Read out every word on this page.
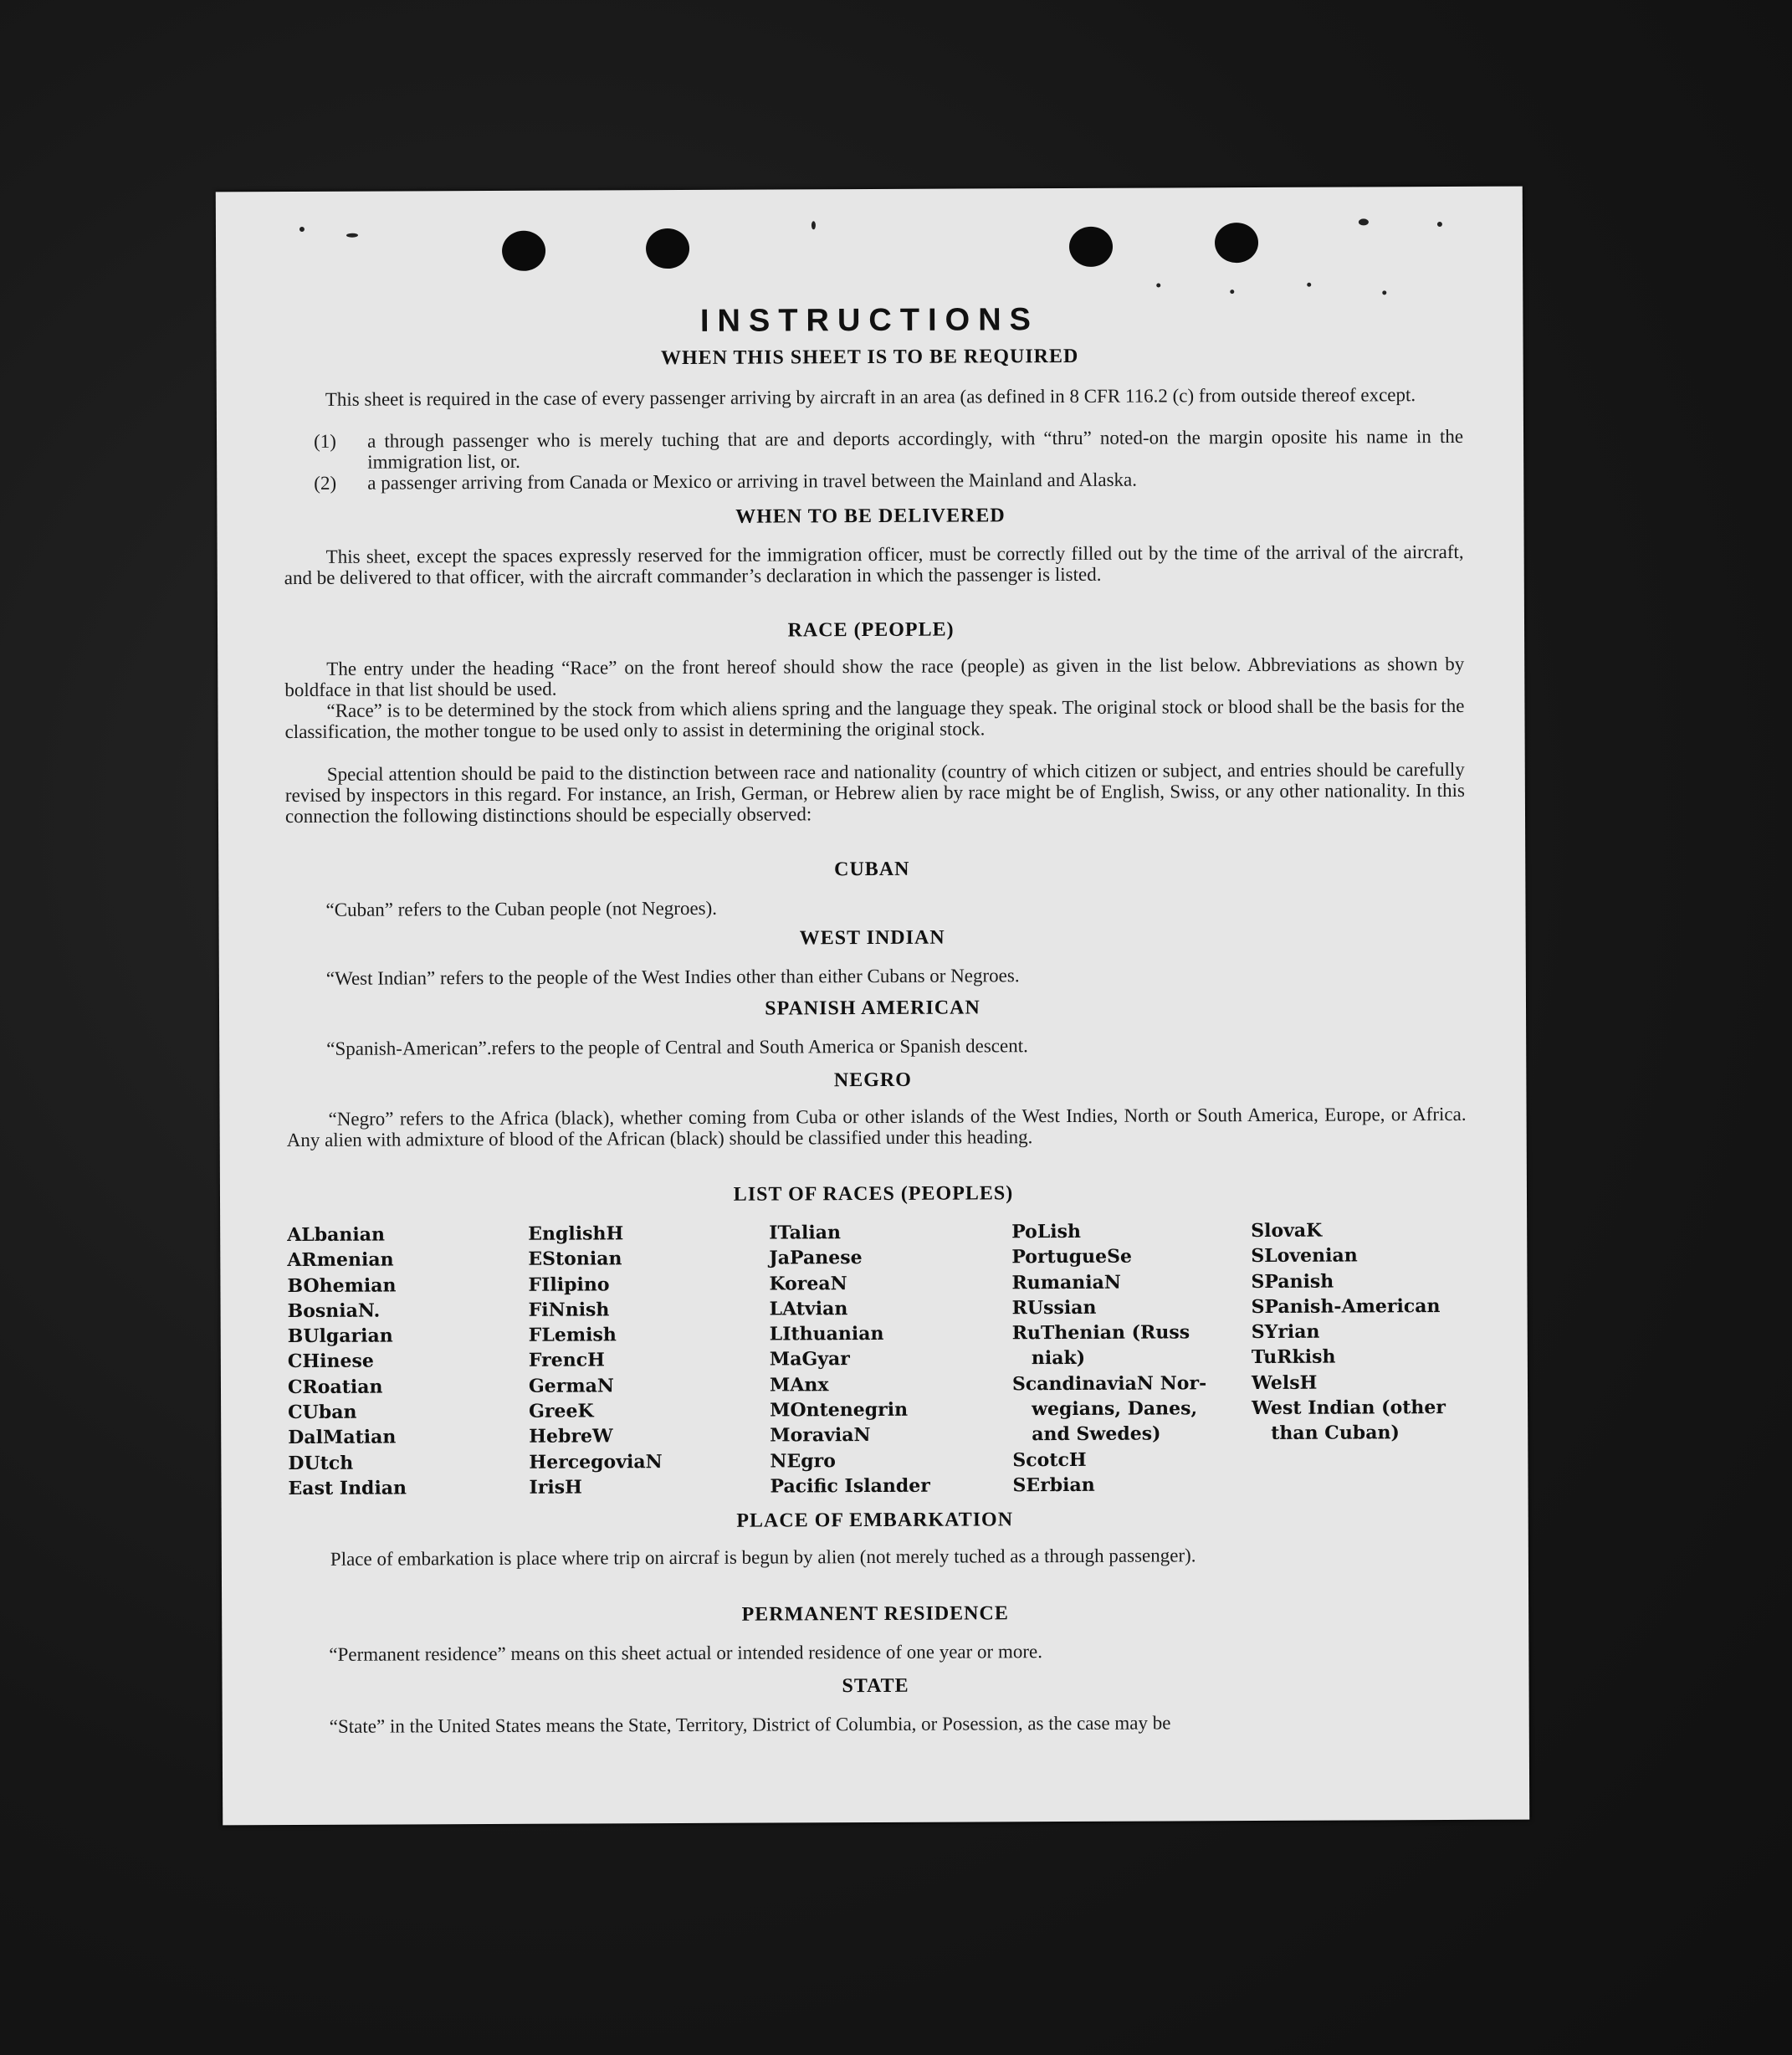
INSTRUCTIONS
WHEN THIS SHEET IS TO BE REQUIRED
This sheet is required in the case of every passenger arriving by aircraft in an area (as defined in 8 CFR 116.2 (c) from outside thereof except.
(1) a through passenger who is merely tuching that are and deports accordingly, with “thru” noted-on the margin oposite his name in the immigration list, or.
(2) a passenger arriving from Canada or Mexico or arriving in travel between the Mainland and Alaska.
WHEN TO BE DELIVERED
This sheet, except the spaces expressly reserved for the immigration officer, must be correctly filled out by the time of the arrival of the aircraft, and be delivered to that officer, with the aircraft commander’s declaration in which the passenger is listed.
RACE (PEOPLE)
The entry under the heading “Race” on the front hereof should show the race (people) as given in the list below. Abbreviations as shown by boldface in that list should be used.
“Race” is to be determined by the stock from which aliens spring and the language they speak. The original stock or blood shall be the basis for the classification, the mother tongue to be used only to assist in determining the original stock.
Special attention should be paid to the distinction between race and nationality (country of which citizen or subject, and entries should be carefully revised by inspectors in this regard. For instance, an Irish, German, or Hebrew alien by race might be of English, Swiss, or any other nationality. In this connection the following distinctions should be especially observed:
CUBAN
“Cuban” refers to the Cuban people (not Negroes).
WEST INDIAN
“West Indian” refers to the people of the West Indies other than either Cubans or Negroes.
SPANISH AMERICAN
“Spanish-American”.refers to the people of Central and South America or Spanish descent.
NEGRO
“Negro” refers to the Africa (black), whether coming from Cuba or other islands of the West Indies, North or South America, Europe, or Africa. Any alien with admixture of blood of the African (black) should be classified under this heading.
LIST OF RACES (PEOPLES)
ALbanian
ARmenian
BOhemian
BosniaN.
BUlgarian
CHinese
CRoatian
CUban
DalMatian
DUtch
East Indian
EnglishH
EStonian
FIlipino
FiNnish
FLemish
FrencH
GermaN
GreeK
HebreW
HercegoviaN
IrisH
ITalian
JaPanese
KoreaN
LAtvian
LIthuanian
MaGyar
MAnx
MOntenegrin
MoraviaN
NEgro
Pacific Islander
PoLish
PortugueSe
RumaniaN
RUssian
RuThenian (Russ
niak)
ScandinaviaN Nor-
wegians, Danes,
and Swedes)
ScotcH
SErbian
SlovaK
SLovenian
SPanish
SPanish-American
SYrian
TuRkish
WelsH
West Indian (other
than Cuban)
PLACE OF EMBARKATION
Place of embarkation is place where trip on aircraf is begun by alien (not merely tuched as a through passenger).
PERMANENT RESIDENCE
“Permanent residence” means on this sheet actual or intended residence of one year or more.
STATE
“State” in the United States means the State, Territory, District of Columbia, or Posession, as the case may be
